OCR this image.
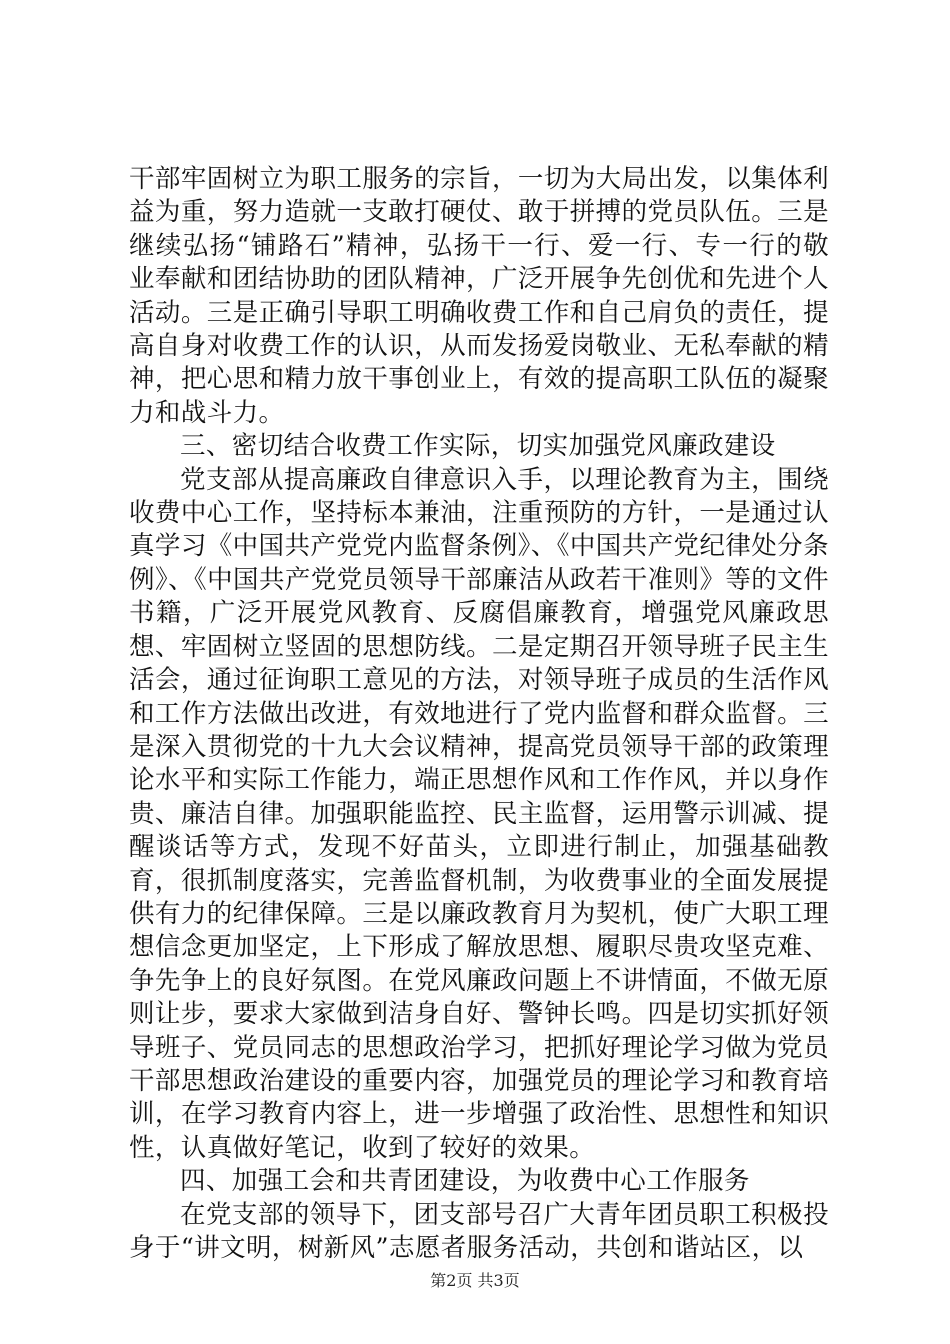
干部牢固树立为职工服务的宗旨，一切为大局出发，以集体利益为重，努力造就一支敢打硬仗、敢于拼搏的党员队伍。三是继续弘扬“铺路石”精神，弘扬干一行、爱一行、专一行的敬业奉献和团结协助的团队精神，广泛开展争先创优和先进个人活动。三是正确引导职工明确收费工作和自己肩负的责任，提高自身对收费工作的认识，从而发扬爱岗敬业、无私奉献的精神，把心思和精力放干事创业上，有效的提高职工队伍的凝聚力和战斗力。

三、密切结合收费工作实际，切实加强党风廉政建设

党支部从提高廉政自律意识入手，以理论教育为主，围绕收费中心工作，坚持标本兼油，注重预防的方针，一是通过认真学习《中国共产党党内监督条例》、《中国共产党纪律处分条例》、《中国共产党党员领导干部廉洁从政若干准则》等的文件书籍，广泛开展党风教育、反腐倡廉教育，增强党风廉政思想、牢固树立竖固的思想防线。二是定期召开领导班子民主生活会，通过征询职工意见的方法，对领导班子成员的生活作风和工作方法做出改进，有效地进行了党内监督和群众监督。三是深入贯彻党的十九大会议精神，提高党员领导干部的政策理论水平和实际工作能力，端正思想作风和工作作风，并以身作贵、廉洁自律。加强职能监控、民主监督，运用警示训减、提醒谈话等方式，发现不好苗头，立即进行制止，加强基础教育，很抓制度落实，完善监督机制，为收费事业的全面发展提供有力的纪律保障。三是以廉政教育月为契机，使广大职工理想信念更加坚定，上下形成了解放思想、履职尽贵攻坚克难、争先争上的良好氛图。在党风廉政问题上不讲情面，不做无原则让步，要求大家做到洁身自好、警钟长鸣。四是切实抓好领导班子、党员同志的思想政治学习，把抓好理论学习做为党员干部思想政治建设的重要内容，加强党员的理论学习和教育培训，在学习教育内容上，进一步增强了政治性、思想性和知识性，认真做好笔记，收到了较好的效果。

四、加强工会和共青团建设，为收费中心工作服务

在党支部的领导下，团支部号召广大青年团员职工积极投身于“讲文明，树新风”志愿者服务活动，共创和谐站区，以

第2页 共3页
